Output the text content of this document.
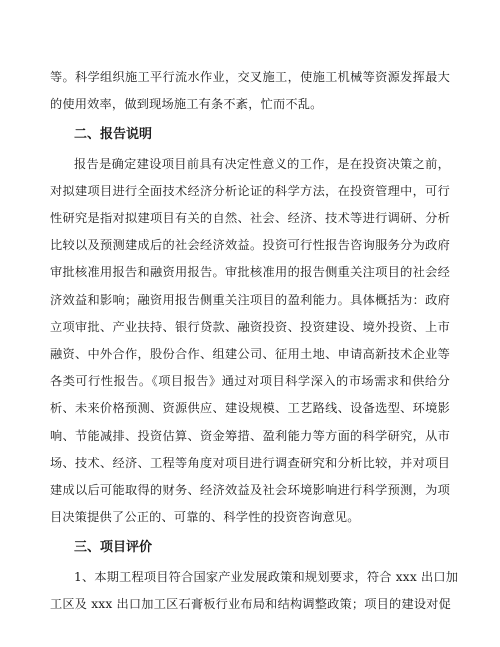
等。科学组织施工平行流水作业，交叉施工，使施工机械等资源发挥最大
的使用效率，做到现场施工有条不紊，忙而不乱。
二、报告说明
报告是确定建设项目前具有决定性意义的工作，是在投资决策之前，
对拟建项目进行全面技术经济分析论证的科学方法，在投资管理中，可行
性研究是指对拟建项目有关的自然、社会、经济、技术等进行调研、分析
比较以及预测建成后的社会经济效益。投资可行性报告咨询服务分为政府
审批核准用报告和融资用报告。审批核准用的报告侧重关注项目的社会经
济效益和影响；融资用报告侧重关注项目的盈利能力。具体概括为：政府
立项审批、产业扶持、银行贷款、融资投资、投资建设、境外投资、上市
融资、中外合作，股份合作、组建公司、征用土地、申请高新技术企业等
各类可行性报告。《项目报告》通过对项目科学深入的市场需求和供给分
析、未来价格预测、资源供应、建设规模、工艺路线、设备选型、环境影
响、节能减排、投资估算、资金筹措、盈利能力等方面的科学研究，从市
场、技术、经济、工程等角度对项目进行调查研究和分析比较，并对项目
建成以后可能取得的财务、经济效益及社会环境影响进行科学预测，为项
目决策提供了公正的、可靠的、科学性的投资咨询意见。
三、项目评价
1、本期工程项目符合国家产业发展政策和规划要求，符合 xxx 出口加
工区及 xxx 出口加工区石膏板行业布局和结构调整政策；项目的建设对促
